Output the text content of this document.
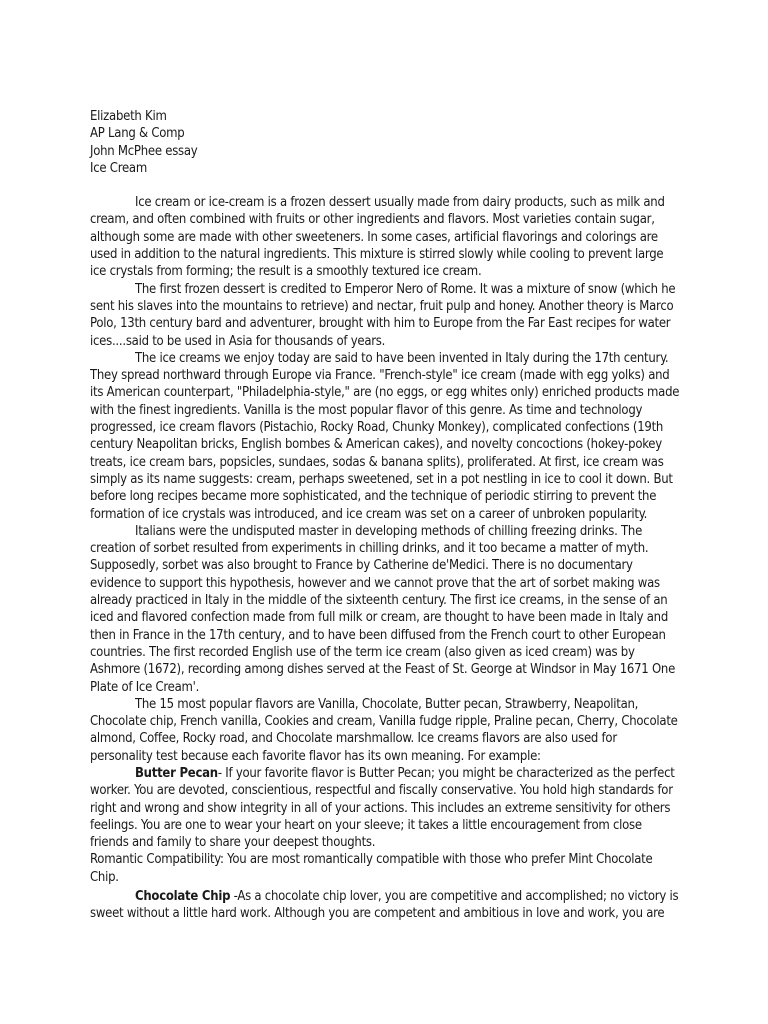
Elizabeth Kim
AP Lang & Comp
John McPhee essay
Ice Cream

Ice cream or ice-cream is a frozen dessert usually made from dairy products, such as milk and cream, and often combined with fruits or other ingredients and flavors. Most varieties contain sugar, although some are made with other sweeteners. In some cases, artificial flavorings and colorings are used in addition to the natural ingredients. This mixture is stirred slowly while cooling to prevent large ice crystals from forming; the result is a smoothly textured ice cream.

The first frozen dessert is credited to Emperor Nero of Rome. It was a mixture of snow (which he sent his slaves into the mountains to retrieve) and nectar, fruit pulp and honey. Another theory is Marco Polo, 13th century bard and adventurer, brought with him to Europe from the Far East recipes for water ices....said to be used in Asia for thousands of years.

The ice creams we enjoy today are said to have been invented in Italy during the 17th century. They spread northward through Europe via France. "French-style" ice cream (made with egg yolks) and its American counterpart, "Philadelphia-style," are (no eggs, or egg whites only) enriched products made with the finest ingredients. Vanilla is the most popular flavor of this genre. As time and technology progressed, ice cream flavors (Pistachio, Rocky Road, Chunky Monkey), complicated confections (19th century Neapolitan bricks, English bombes & American cakes), and novelty concoctions (hokey-pokey treats, ice cream bars, popsicles, sundaes, sodas & banana splits), proliferated. At first, ice cream was simply as its name suggests: cream, perhaps sweetened, set in a pot nestling in ice to cool it down. But before long recipes became more sophisticated, and the technique of periodic stirring to prevent the formation of ice crystals was introduced, and ice cream was set on a career of unbroken popularity.

Italians were the undisputed master in developing methods of chilling freezing drinks. The creation of sorbet resulted from experiments in chilling drinks, and it too became a matter of myth. Supposedly, sorbet was also brought to France by Catherine de'Medici. There is no documentary evidence to support this hypothesis, however and we cannot prove that the art of sorbet making was already practiced in Italy in the middle of the sixteenth century. The first ice creams, in the sense of an iced and flavored confection made from full milk or cream, are thought to have been made in Italy and then in France in the 17th century, and to have been diffused from the French court to other European countries. The first recorded English use of the term ice cream (also given as iced cream) was by Ashmore (1672), recording among dishes served at the Feast of St. George at Windsor in May 1671 One Plate of Ice Cream'.

The 15 most popular flavors are Vanilla, Chocolate, Butter pecan, Strawberry, Neapolitan, Chocolate chip, French vanilla, Cookies and cream, Vanilla fudge ripple, Praline pecan, Cherry, Chocolate almond, Coffee, Rocky road, and Chocolate marshmallow. Ice creams flavors are also used for personality test because each favorite flavor has its own meaning. For example:

Butter Pecan- If your favorite flavor is Butter Pecan; you might be characterized as the perfect worker. You are devoted, conscientious, respectful and fiscally conservative. You hold high standards for right and wrong and show integrity in all of your actions. This includes an extreme sensitivity for others feelings. You are one to wear your heart on your sleeve; it takes a little encouragement from close friends and family to share your deepest thoughts.

Romantic Compatibility: You are most romantically compatible with those who prefer Mint Chocolate Chip.

Chocolate Chip -As a chocolate chip lover, you are competitive and accomplished; no victory is sweet without a little hard work. Although you are competent and ambitious in love and work, you are
